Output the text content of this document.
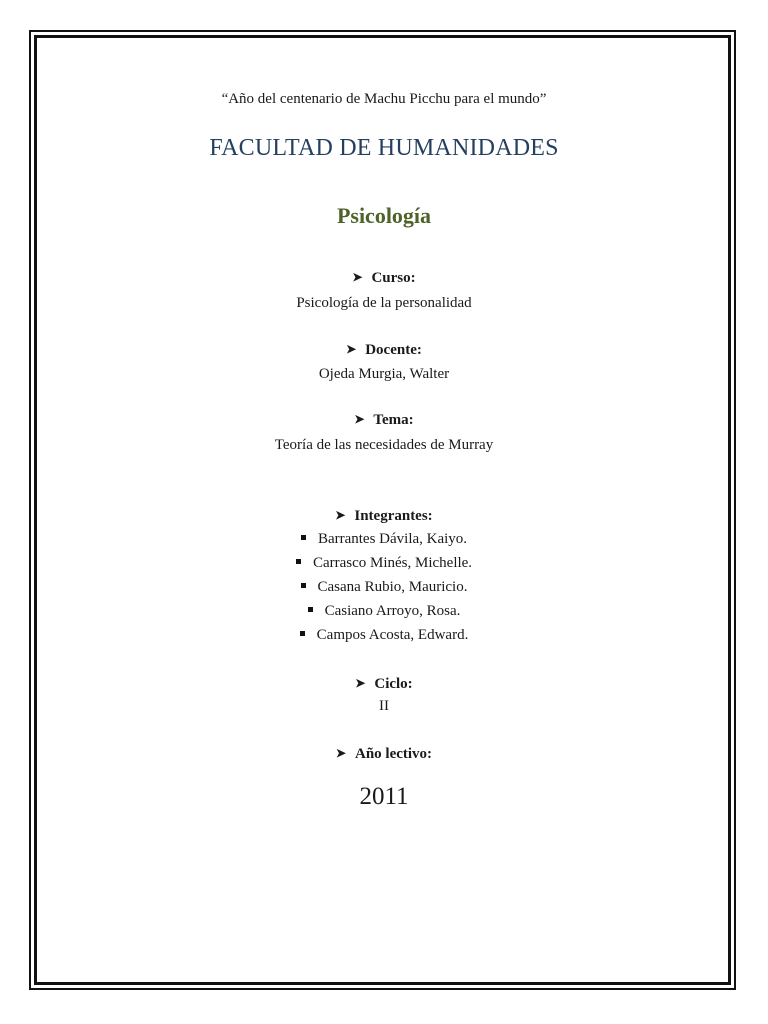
“Año del centenario de Machu Picchu para el mundo”
FACULTAD DE HUMANIDADES
Psicología
➤ Curso:
Psicología de la personalidad
➤ Docente:
Ojeda Murgia, Walter
➤ Tema:
Teoría de las necesidades de Murray
➤ Integrantes:
Barrantes Dávila, Kaiyo.
Carrasco Minés, Michelle.
Casana Rubio, Mauricio.
Casiano Arroyo, Rosa.
Campos Acosta, Edward.
➤ Ciclo:
II
➤ Año lectivo:
2011
